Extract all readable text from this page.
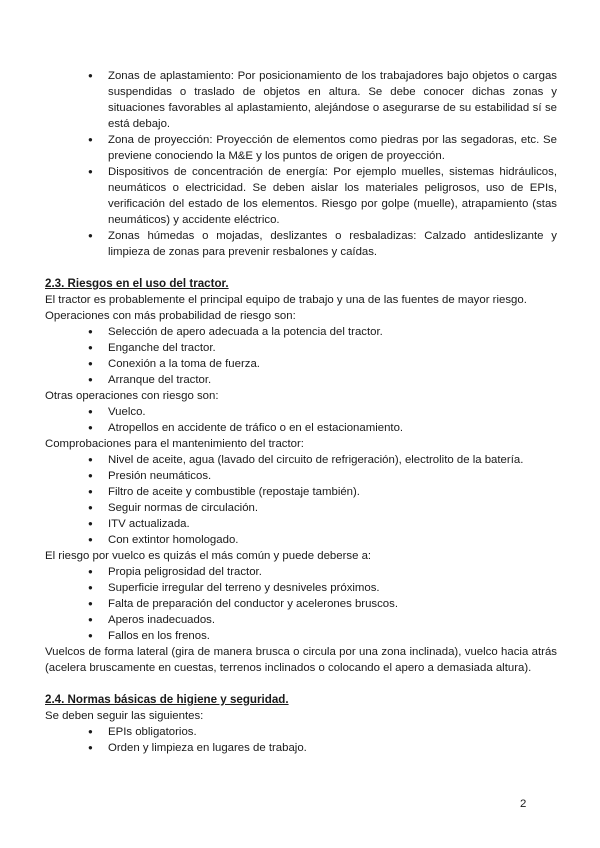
● Zonas de aplastamiento: Por posicionamiento de los trabajadores bajo objetos o cargas suspendidas o traslado de objetos en altura. Se debe conocer dichas zonas y situaciones favorables al aplastamiento, alejándose o asegurarse de su estabilidad sí se está debajo.
● Zona de proyección: Proyección de elementos como piedras por las segadoras, etc. Se previene conociendo la M&E y los puntos de origen de proyección.
● Dispositivos de concentración de energía: Por ejemplo muelles, sistemas hidráulicos, neumáticos o electricidad. Se deben aislar los materiales peligrosos, uso de EPIs, verificación del estado de los elementos. Riesgo por golpe (muelle), atrapamiento (stas neumáticos) y accidente eléctrico.
● Zonas húmedas o mojadas, deslizantes o resbaladizas: Calzado antideslizante y limpieza de zonas para prevenir resbalones y caídas.
2.3. Riesgos en el uso del tractor.

El tractor es probablemente el principal equipo de trabajo y una de las fuentes de mayor riesgo.

Operaciones con más probabilidad de riesgo son:

● Selección de apero adecuada a la potencia del tractor.
● Enganche del tractor.
● Conexión a la toma de fuerza.
● Arranque del tractor.

Otras operaciones con riesgo son:

● Vuelco.
● Atropellos en accidente de tráfico o en el estacionamiento.

Comprobaciones para el mantenimiento del tractor:

● Nivel de aceite, agua (lavado del circuito de refrigeración), electrolito de la batería.
● Presión neumáticos.
● Filtro de aceite y combustible (repostaje también).
● Seguir normas de circulación.
● ITV actualizada.
● Con extintor homologado.

El riesgo por vuelco es quizás el más común y puede deberse a:

● Propia peligrosidad del tractor.
● Superficie irregular del terreno y desniveles próximos.
● Falta de preparación del conductor y acelerones bruscos.
● Aperos inadecuados.
● Fallos en los frenos.

Vuelcos de forma lateral (gira de manera brusca o circula por una zona inclinada), vuelco hacia atrás (acelera bruscamente en cuestas, terrenos inclinados o colocando el apero a demasiada altura).

2.4. Normas básicas de higiene y seguridad.

Se deben seguir las siguientes:

● EPIs obligatorios.
● Orden y limpieza en lugares de trabajo.
2
